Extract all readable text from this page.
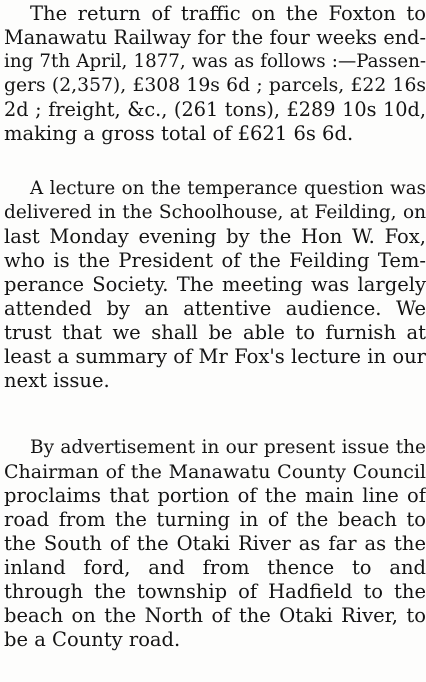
The return of traffic on the Foxton to
Manawatu Railway for the four weeks end-
ing 7th April, 1877, was as follows :—Passen-
gers (2,357), £308 19s 6d ; parcels, £22 16s
2d ; freight, &c., (261 tons), £289 10s 10d,
making a gross total of £621 6s 6d.
A lecture on the temperance question was
delivered in the Schoolhouse, at Feilding, on
last Monday evening by the Hon W. Fox,
who is the President of the Feilding Tem-
perance Society. The meeting was largely
attended by an attentive audience. We
trust that we shall be able to furnish at
least a summary of Mr Fox's lecture in our
next issue.
By advertisement in our present issue the
Chairman of the Manawatu County Council
proclaims that portion of the main line of
road from the turning in of the beach to
the South of the Otaki River as far as the
inland ford, and from thence to and
through the township of Hadfield to the
beach on the North of the Otaki River, to
be a County road.
